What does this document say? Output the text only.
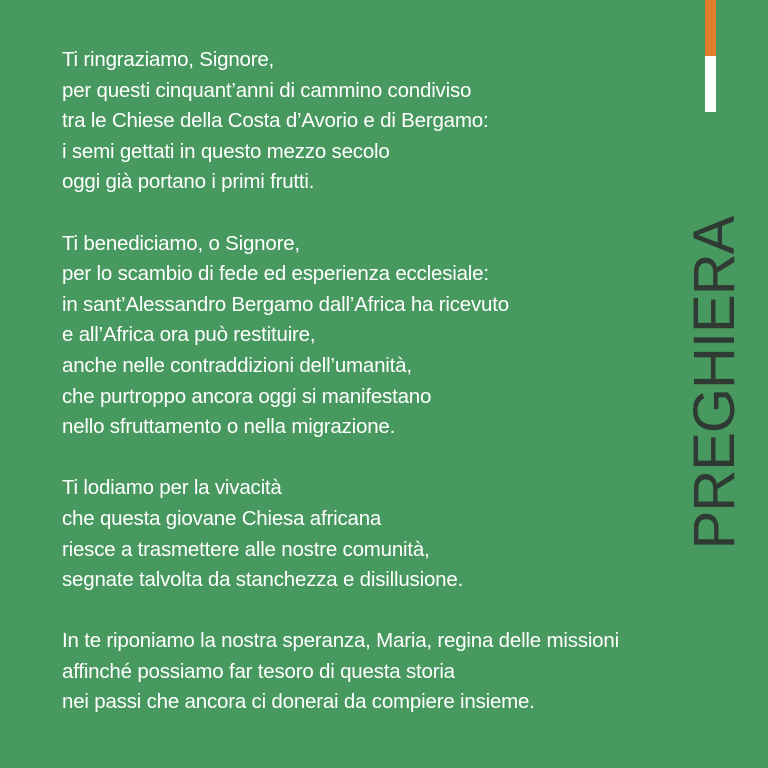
Ti ringraziamo, Signore,
per questi cinquant’anni di cammino condiviso
tra le Chiese della Costa d’Avorio e di Bergamo:
i semi gettati in questo mezzo secolo
oggi già portano i primi frutti.
Ti benediciamo, o Signore,
per lo scambio di fede ed esperienza ecclesiale:
in sant’Alessandro Bergamo dall’Africa ha ricevuto
e all’Africa ora può restituire,
anche nelle contraddizioni dell’umanità,
che purtroppo ancora oggi si manifestano
nello sfruttamento o nella migrazione.
Ti lodiamo per la vivacità
che questa giovane Chiesa africana
riesce a trasmettere alle nostre comunità,
segnate talvolta da stanchezza e disillusione.
In te riponiamo la nostra speranza, Maria, regina delle missioni
affinché possiamo far tesoro di questa storia
nei passi che ancora ci donerai da compiere insieme.
PREGHIERA
